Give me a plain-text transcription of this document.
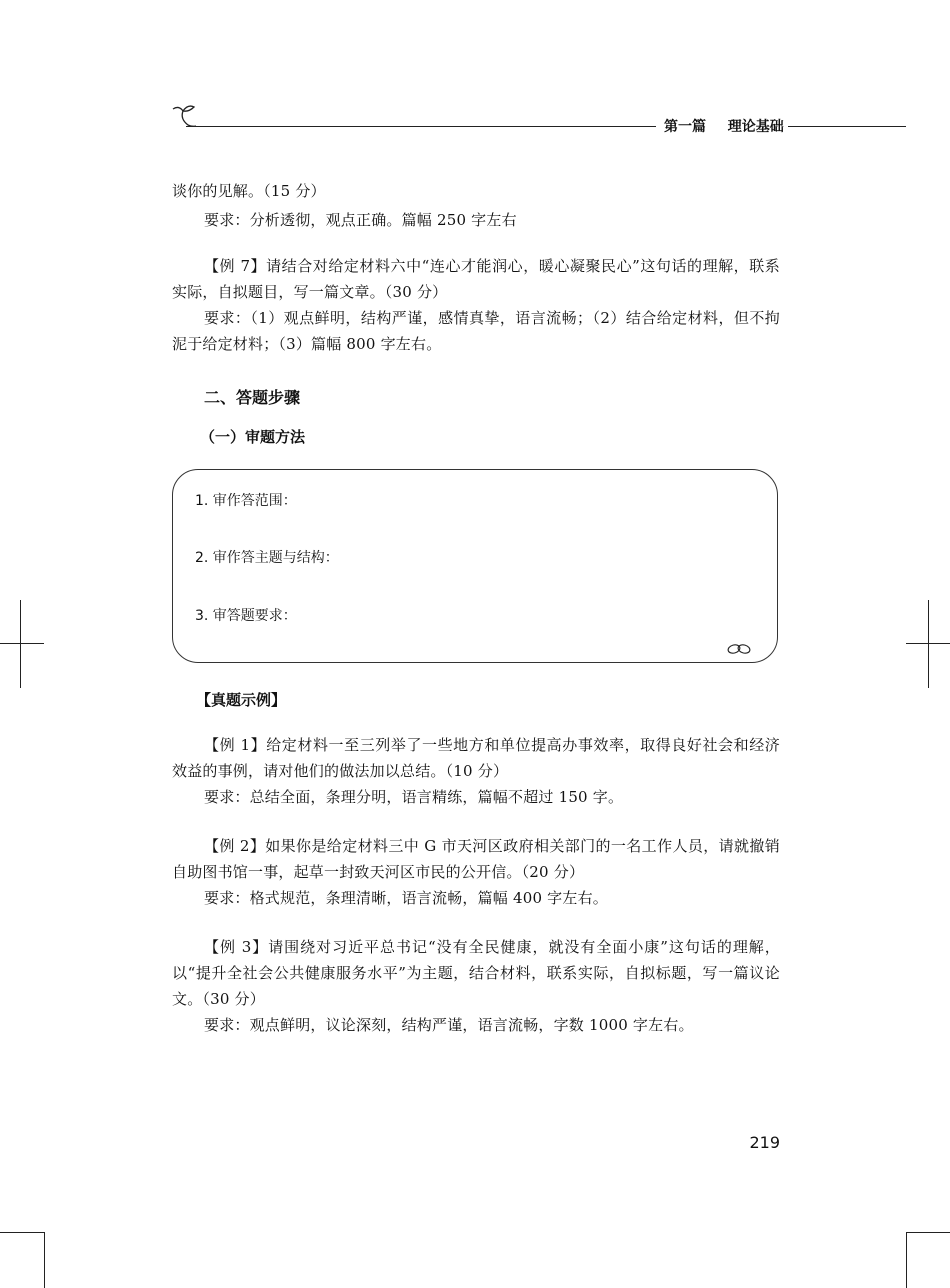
第一篇 理论基础

谈你的见解。（15 分）

要求：分析透彻，观点正确。篇幅 250 字左右

【例 7】请结合对给定材料六中“连心才能润心，暖心凝聚民心”这句话的理解，联系实际，自拟题目，写一篇文章。（30 分）

要求：（1）观点鲜明，结构严谨，感情真挚，语言流畅；（2）结合给定材料，但不拘泥于给定材料；（3）篇幅 800 字左右。

二、答题步骤
（一）审题方法
1. 审作答范围：
2. 审作答主题与结构：
3. 审答题要求：
【真题示例】

【例 1】给定材料一至三列举了一些地方和单位提高办事效率，取得良好社会和经济效益的事例，请对他们的做法加以总结。（10 分）

要求：总结全面，条理分明，语言精练，篇幅不超过 150 字。

【例 2】如果你是给定材料三中 G 市天河区政府相关部门的一名工作人员，请就撤销自助图书馆一事，起草一封致天河区市民的公开信。（20 分）

要求：格式规范，条理清晰，语言流畅，篇幅 400 字左右。

【例 3】请围绕对习近平总书记“没有全民健康，就没有全面小康”这句话的理解，以“提升全社会公共健康服务水平”为主题，结合材料，联系实际，自拟标题，写一篇议论文。（30 分）

要求：观点鲜明，议论深刻，结构严谨，语言流畅，字数 1000 字左右。

219
